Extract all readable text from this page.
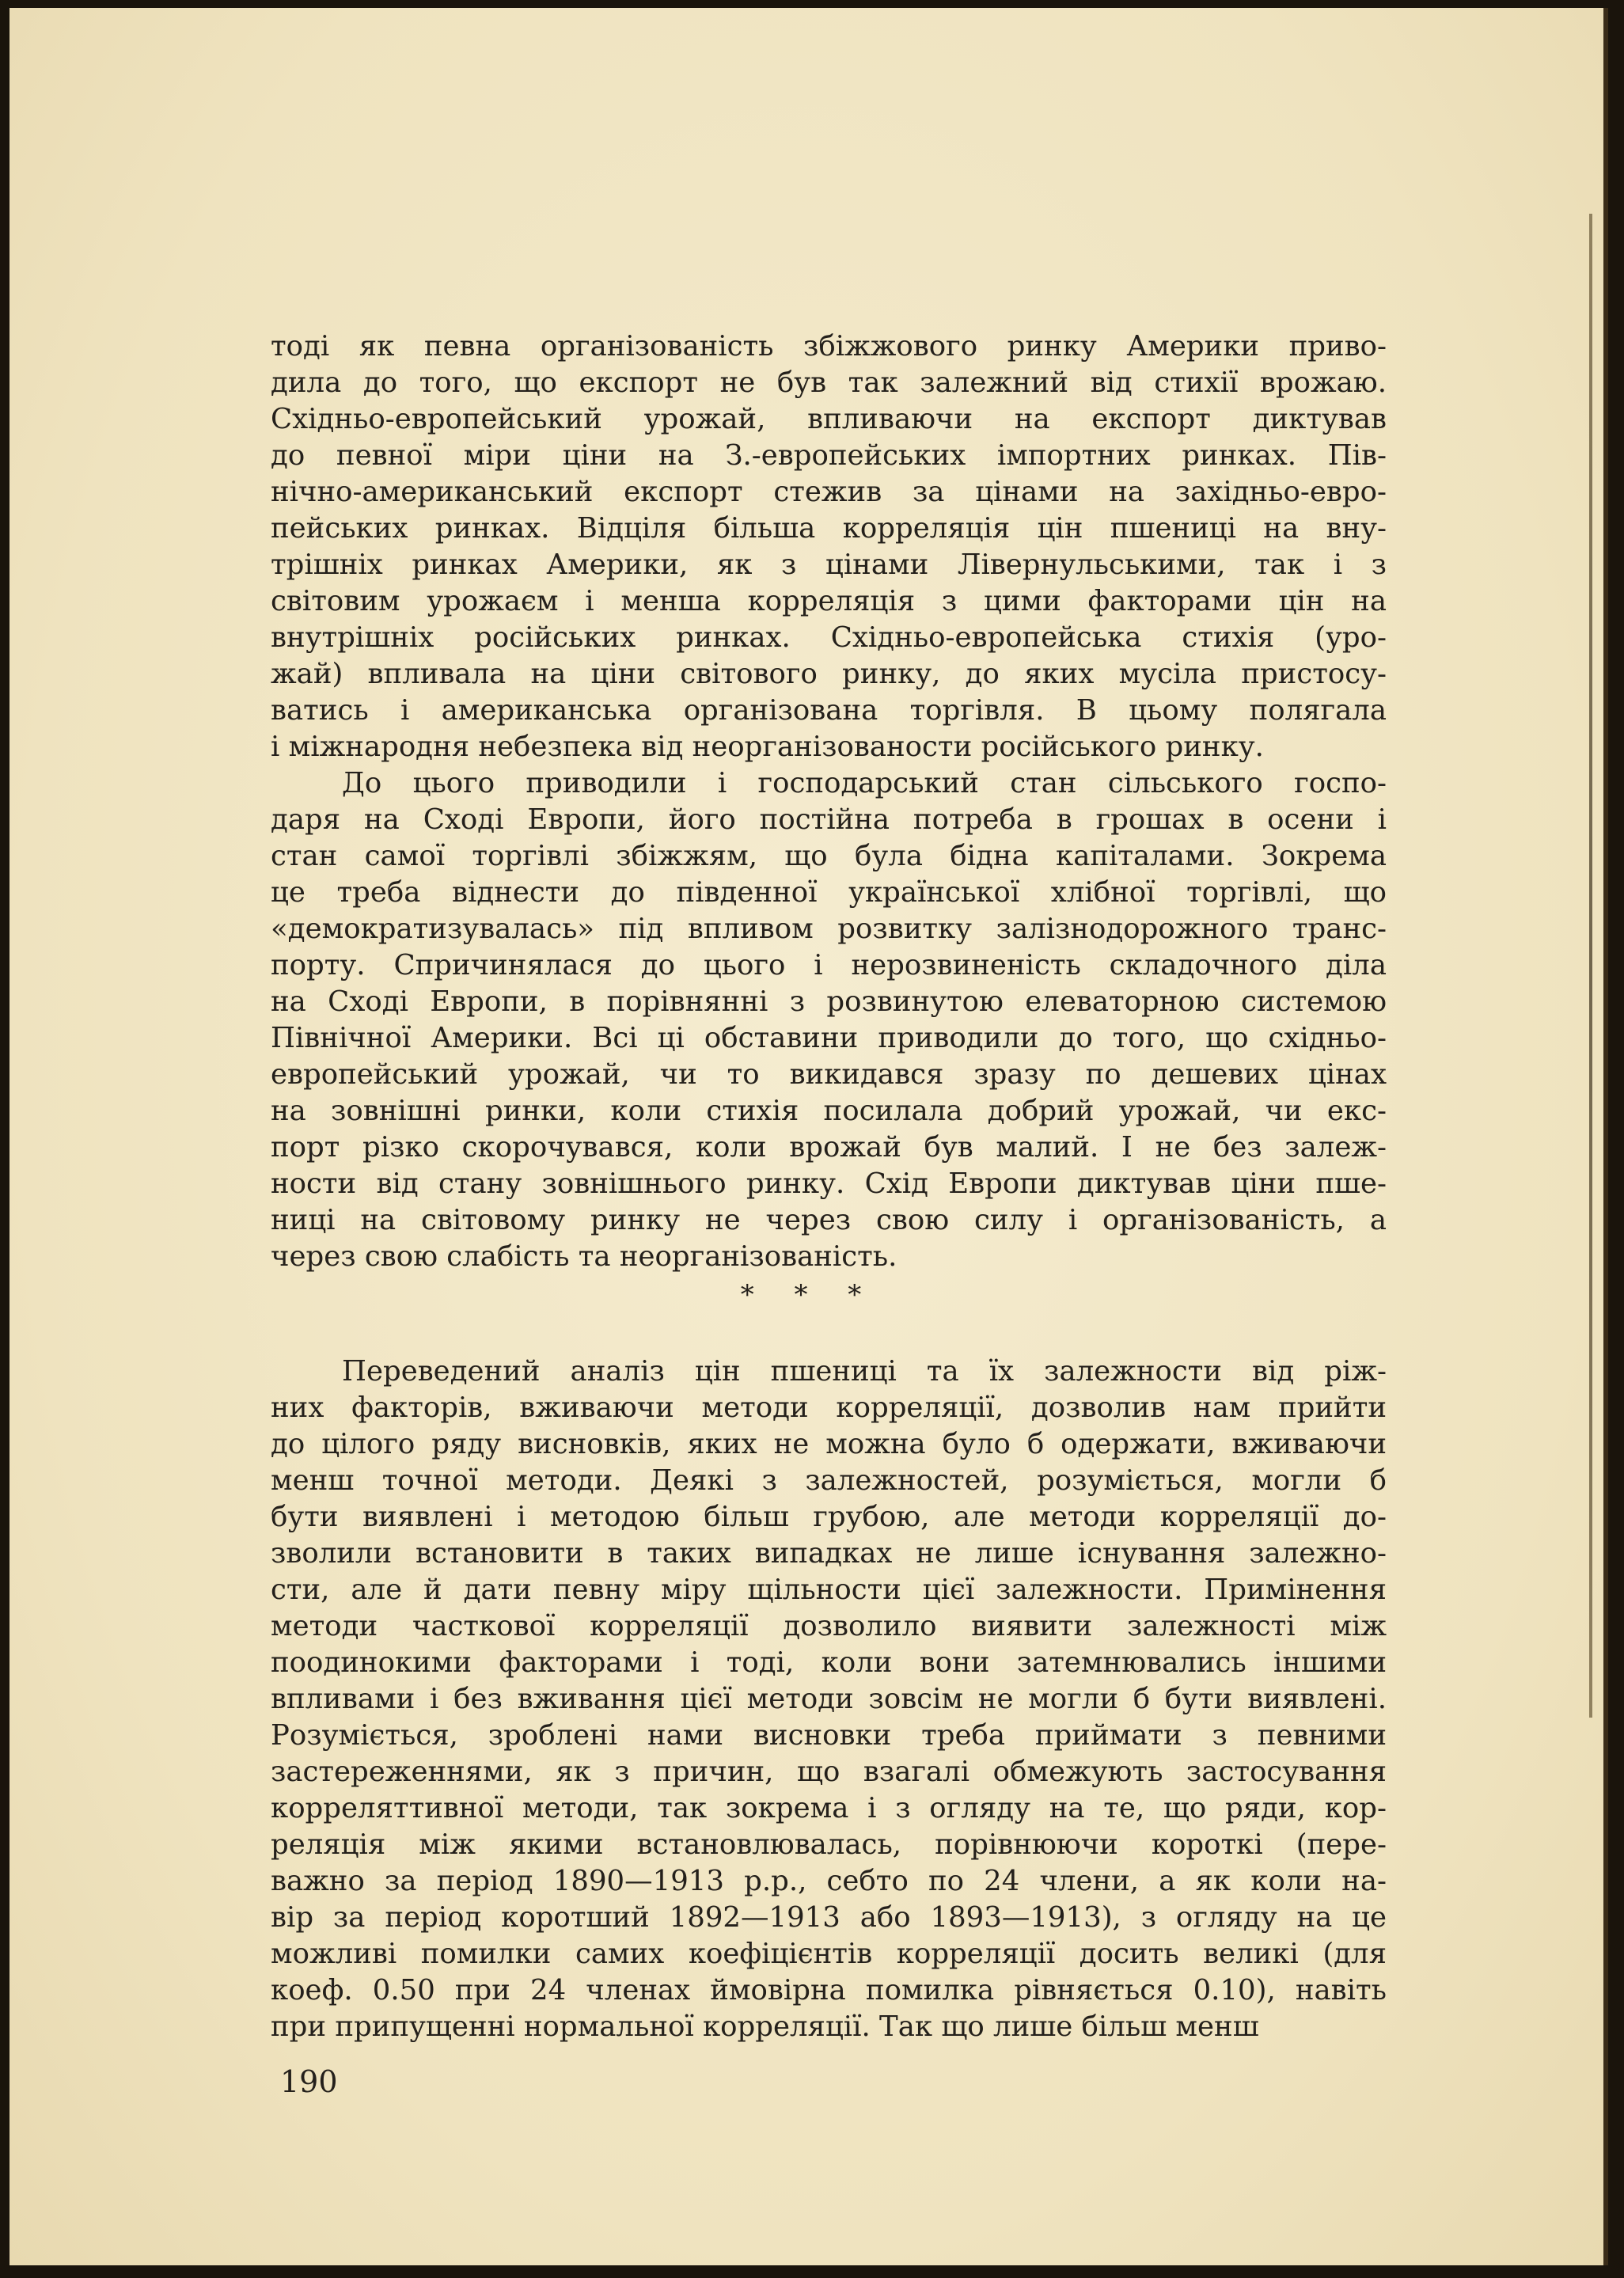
тоді як певна організованість збіжжового ринку Америки приво-
дила до того, що експорт не був так залежний від стихії врожаю.
Східньо-европейський урожай, впливаючи на експорт диктував
до певної міри ціни на З.-европейських імпортних ринках. Пів-
нічно-американський експорт стежив за цінами на західньо-евро-
пейських ринках. Відціля більша корреляція цін пшениці на вну-
трішніх ринках Америки, як з цінами Лівернульськими, так і з
світовим урожаєм і менша корреляція з цими факторами цін на
внутрішніх російських ринках. Східньо-европейська стихія (уро-
жай) впливала на ціни світового ринку, до яких мусіла пристосу-
ватись і американська організована торгівля. В цьому полягала
і міжнародня небезпека від неорганізованости російського ринку.
До цього приводили і господарський стан сільського госпо-
даря на Сході Европи, його постійна потреба в грошах в осени і
стан самої торгівлі збіжжям, що була бідна капіталами. Зокрема
це треба віднести до південної української хлібної торгівлі, що
«демократизувалась» під впливом розвитку залізнодорожного транс-
порту. Спричинялася до цього і нерозвиненість складочного діла
на Сході Европи, в порівнянні з розвинутою елеваторною системою
Північної Америки. Всі ці обставини приводили до того, що східньо-
европейський урожай, чи то викидався зразу по дешевих цінах
на зовнішні ринки, коли стихія посилала добрий урожай, чи екс-
порт різко скорочувався, коли врожай був малий. І не без залеж-
ности від стану зовнішнього ринку. Схід Европи диктував ціни пше-
ниці на світовому ринку не через свою силу і організованість, а
через свою слабість та неорганізованість.
* * *
Переведений аналіз цін пшениці та їх залежности від ріж-
них факторів, вживаючи методи корреляції, дозволив нам прийти
до цілого ряду висновків, яких не можна було б одержати, вживаючи
менш точної методи. Деякі з залежностей, розуміється, могли б
бути виявлені і методою більш грубою, але методи корреляції до-
зволили встановити в таких випадках не лише існування залежно-
сти, але й дати певну міру щільности цієї залежности. Примінення
методи часткової корреляції дозволило виявити залежності між
поодинокими факторами і тоді, коли вони затемнювались іншими
впливами і без вживання цієї методи зовсім не могли б бути виявлені.
Розуміється, зроблені нами висновки треба приймати з певними
застереженнями, як з причин, що взагалі обмежують застосування
корреляттивної методи, так зокрема і з огляду на те, що ряди, кор-
реляція між якими встановлювалась, порівнюючи короткі (пере-
важно за період 1890—1913 р.р., себто по 24 члени, а як коли на-
вір за період коротший 1892—1913 або 1893—1913), з огляду на це
можливі помилки самих коефіцієнтів корреляції досить великі (для
коеф. 0.50 при 24 членах ймовірна помилка рівняється 0.10), навіть
при припущенні нормальної корреляції. Так що лише більш менш
190
